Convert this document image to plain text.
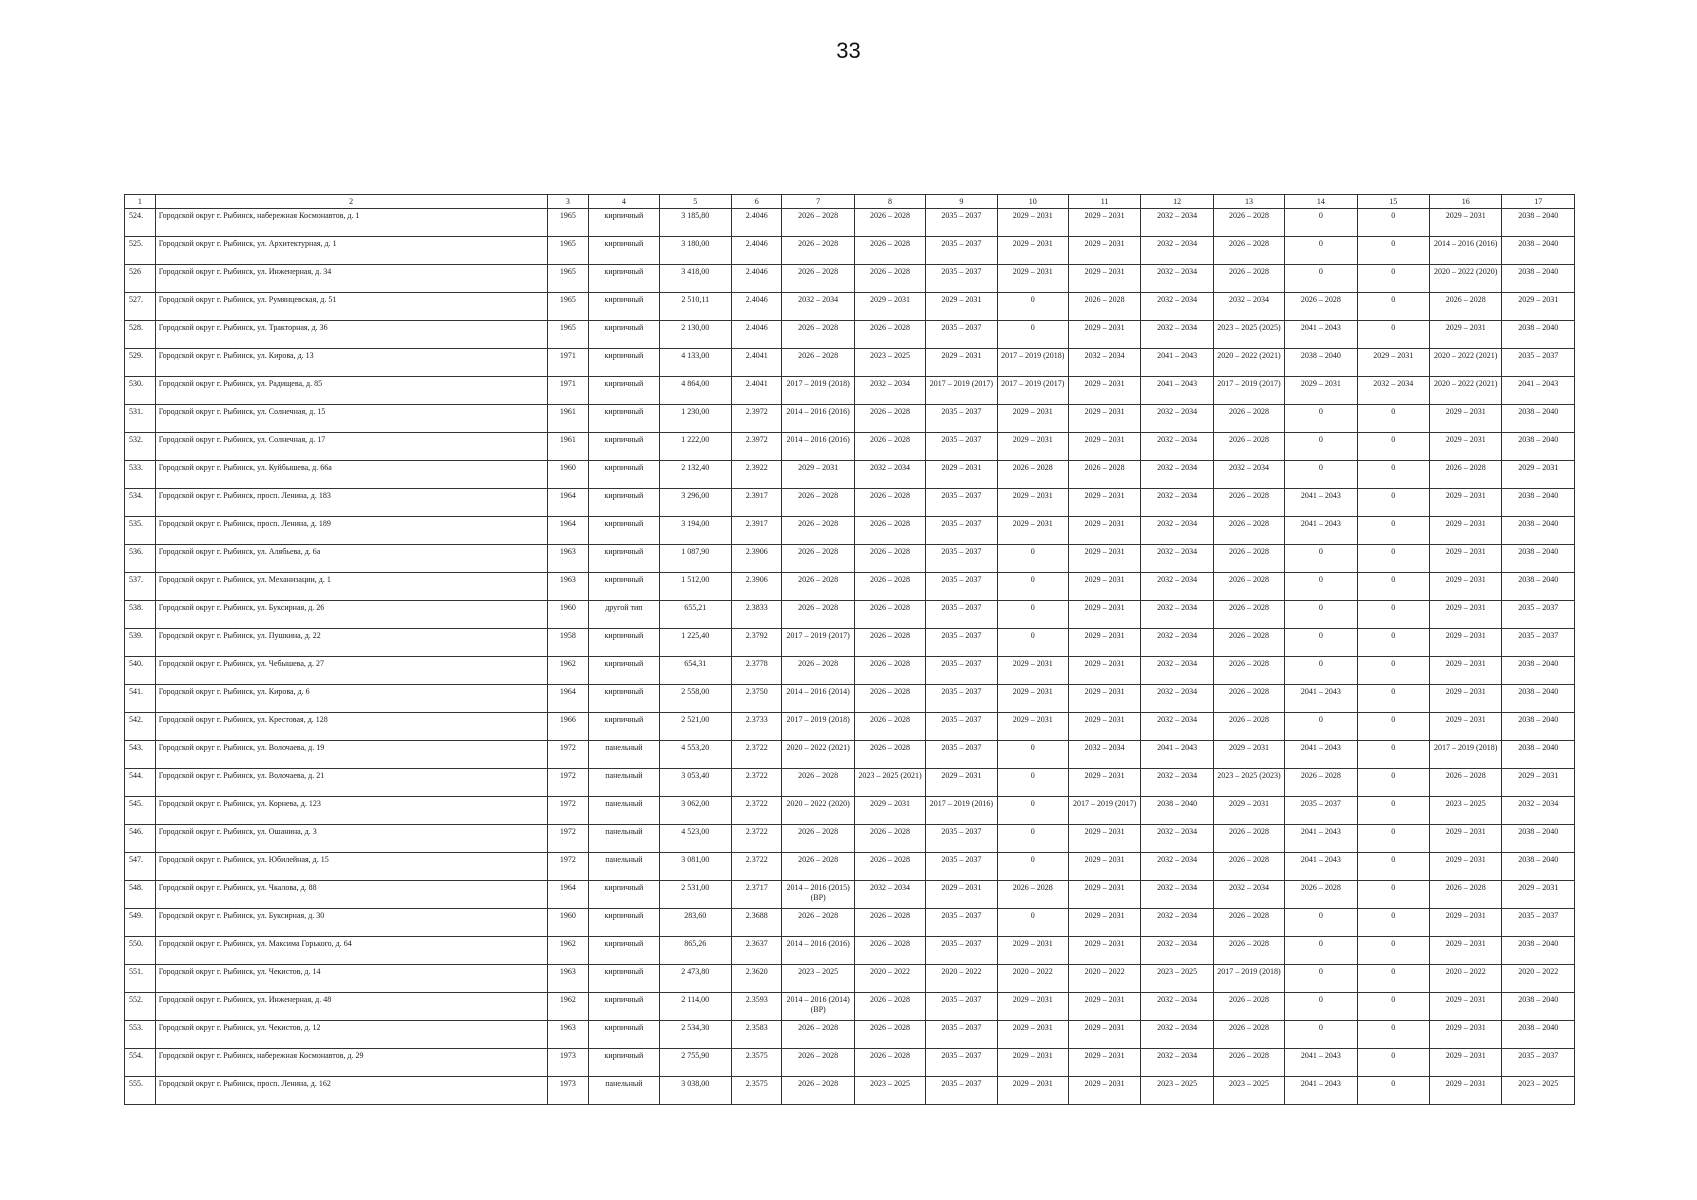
33
1	2	3	4	5	6	7	8	9	10	11	12	13	14	15	16	17
524.	Городской округ г. Рыбинск, набережная Космонавтов, д. 1	1965	кирпичный	3 185,80	2.4046	2026 – 2028	2026 – 2028	2035 – 2037	2029 – 2031	2029 – 2031	2032 – 2034	2026 – 2028	0	0	2029 – 2031	2038 – 2040
525.	Городской округ г. Рыбинск, ул. Архитектурная, д. 1	1965	кирпичный	3 180,00	2.4046	2026 – 2028	2026 – 2028	2035 – 2037	2029 – 2031	2029 – 2031	2032 – 2034	2026 – 2028	0	0	2014 – 2016 (2016)	2038 – 2040
526	Городской округ г. Рыбинск, ул. Инженерная, д. 34	1965	кирпичный	3 418,00	2.4046	2026 – 2028	2026 – 2028	2035 – 2037	2029 – 2031	2029 – 2031	2032 – 2034	2026 – 2028	0	0	2020 – 2022 (2020)	2038 – 2040
527.	Городской округ г. Рыбинск, ул. Румянцевская, д. 51	1965	кирпичный	2 510,11	2.4046	2032 – 2034	2029 – 2031	2029 – 2031	0	2026 – 2028	2032 – 2034	2032 – 2034	2026 – 2028	0	2026 – 2028	2029 – 2031
528.	Городской округ г. Рыбинск, ул. Тракторная, д. 36	1965	кирпичный	2 130,00	2.4046	2026 – 2028	2026 – 2028	2035 – 2037	0	2029 – 2031	2032 – 2034	2023 – 2025 (2025)	2041 – 2043	0	2029 – 2031	2038 – 2040
529.	Городской округ г. Рыбинск, ул. Кирова, д. 13	1971	кирпичный	4 133,00	2.4041	2026 – 2028	2023 – 2025	2029 – 2031	2017 – 2019 (2018)	2032 – 2034	2041 – 2043	2020 – 2022 (2021)	2038 – 2040	2029 – 2031	2020 – 2022 (2021)	2035 – 2037
530.	Городской округ г. Рыбинск, ул. Радищева, д. 85	1971	кирпичный	4 864,00	2.4041	2017 – 2019 (2018)	2032 – 2034	2017 – 2019 (2017)	2017 – 2019 (2017)	2029 – 2031	2041 – 2043	2017 – 2019 (2017)	2029 – 2031	2032 – 2034	2020 – 2022 (2021)	2041 – 2043
531.	Городской округ г. Рыбинск, ул. Солнечная, д. 15	1961	кирпичный	1 230,00	2.3972	2014 – 2016 (2016)	2026 – 2028	2035 – 2037	2029 – 2031	2029 – 2031	2032 – 2034	2026 – 2028	0	0	2029 – 2031	2038 – 2040
532.	Городской округ г. Рыбинск, ул. Солнечная, д. 17	1961	кирпичный	1 222,00	2.3972	2014 – 2016 (2016)	2026 – 2028	2035 – 2037	2029 – 2031	2029 – 2031	2032 – 2034	2026 – 2028	0	0	2029 – 2031	2038 – 2040
533.	Городской округ г. Рыбинск, ул. Куйбышева, д. 66а	1960	кирпичный	2 132,40	2.3922	2029 – 2031	2032 – 2034	2029 – 2031	2026 – 2028	2026 – 2028	2032 – 2034	2032 – 2034	0	0	2026 – 2028	2029 – 2031
534.	Городской округ г. Рыбинск, просп. Ленина, д. 183	1964	кирпичный	3 296,00	2.3917	2026 – 2028	2026 – 2028	2035 – 2037	2029 – 2031	2029 – 2031	2032 – 2034	2026 – 2028	2041 – 2043	0	2029 – 2031	2038 – 2040
535.	Городской округ г. Рыбинск, просп. Ленина, д. 189	1964	кирпичный	3 194,00	2.3917	2026 – 2028	2026 – 2028	2035 – 2037	2029 – 2031	2029 – 2031	2032 – 2034	2026 – 2028	2041 – 2043	0	2029 – 2031	2038 – 2040
536.	Городской округ г. Рыбинск, ул. Алябьева, д. 6а	1963	кирпичный	1 087,90	2.3906	2026 – 2028	2026 – 2028	2035 – 2037	0	2029 – 2031	2032 – 2034	2026 – 2028	0	0	2029 – 2031	2038 – 2040
537.	Городской округ г. Рыбинск, ул. Механизации, д. 1	1963	кирпичный	1 512,00	2.3906	2026 – 2028	2026 – 2028	2035 – 2037	0	2029 – 2031	2032 – 2034	2026 – 2028	0	0	2029 – 2031	2038 – 2040
538.	Городской округ г. Рыбинск, ул. Буксирная, д. 26	1960	другой тип	655,21	2.3833	2026 – 2028	2026 – 2028	2035 – 2037	0	2029 – 2031	2032 – 2034	2026 – 2028	0	0	2029 – 2031	2035 – 2037
539.	Городской округ г. Рыбинск, ул. Пушкина, д. 22	1958	кирпичный	1 225,40	2.3792	2017 – 2019 (2017)	2026 – 2028	2035 – 2037	0	2029 – 2031	2032 – 2034	2026 – 2028	0	0	2029 – 2031	2035 – 2037
540.	Городской округ г. Рыбинск, ул. Чебышева, д. 27	1962	кирпичный	654,31	2.3778	2026 – 2028	2026 – 2028	2035 – 2037	2029 – 2031	2029 – 2031	2032 – 2034	2026 – 2028	0	0	2029 – 2031	2038 – 2040
541.	Городской округ г. Рыбинск, ул. Кирова, д. 6	1964	кирпичный	2 558,00	2.3750	2014 – 2016 (2014)	2026 – 2028	2035 – 2037	2029 – 2031	2029 – 2031	2032 – 2034	2026 – 2028	2041 – 2043	0	2029 – 2031	2038 – 2040
542.	Городской округ г. Рыбинск, ул. Крестовая, д. 128	1966	кирпичный	2 521,00	2.3733	2017 – 2019 (2018)	2026 – 2028	2035 – 2037	2029 – 2031	2029 – 2031	2032 – 2034	2026 – 2028	0	0	2029 – 2031	2038 – 2040
543.	Городской округ г. Рыбинск, ул. Волочаева, д. 19	1972	панельный	4 553,20	2.3722	2020 – 2022 (2021)	2026 – 2028	2035 – 2037	0	2032 – 2034	2041 – 2043	2029 – 2031	2041 – 2043	0	2017 – 2019 (2018)	2038 – 2040
544.	Городской округ г. Рыбинск, ул. Волочаева, д. 21	1972	панельный	3 053,40	2.3722	2026 – 2028	2023 – 2025 (2021)	2029 – 2031	0	2029 – 2031	2032 – 2034	2023 – 2025 (2023)	2026 – 2028	0	2026 – 2028	2029 – 2031
545.	Городской округ г. Рыбинск, ул. Корнева, д. 123	1972	панельный	3 062,00	2.3722	2020 – 2022 (2020)	2029 – 2031	2017 – 2019 (2016)	0	2017 – 2019 (2017)	2038 – 2040	2029 – 2031	2035 – 2037	0	2023 – 2025	2032 – 2034
546.	Городской округ г. Рыбинск, ул. Ошанина, д. 3	1972	панельный	4 523,00	2.3722	2026 – 2028	2026 – 2028	2035 – 2037	0	2029 – 2031	2032 – 2034	2026 – 2028	2041 – 2043	0	2029 – 2031	2038 – 2040
547.	Городской округ г. Рыбинск, ул. Юбилейная, д. 15	1972	панельный	3 081,00	2.3722	2026 – 2028	2026 – 2028	2035 – 2037	0	2029 – 2031	2032 – 2034	2026 – 2028	2041 – 2043	0	2029 – 2031	2038 – 2040
548.	Городской округ г. Рыбинск, ул. Чкалова, д. 88	1964	кирпичный	2 531,00	2.3717	2014 – 2016 (2015) (ВР)	2032 – 2034	2029 – 2031	2026 – 2028	2029 – 2031	2032 – 2034	2032 – 2034	2026 – 2028	0	2026 – 2028	2029 – 2031
549.	Городской округ г. Рыбинск, ул. Буксирная, д. 30	1960	кирпичный	283,60	2.3688	2026 – 2028	2026 – 2028	2035 – 2037	0	2029 – 2031	2032 – 2034	2026 – 2028	0	0	2029 – 2031	2035 – 2037
550.	Городской округ г. Рыбинск, ул. Максима Горького, д. 64	1962	кирпичный	865,26	2.3637	2014 – 2016 (2016)	2026 – 2028	2035 – 2037	2029 – 2031	2029 – 2031	2032 – 2034	2026 – 2028	0	0	2029 – 2031	2038 – 2040
551.	Городской округ г. Рыбинск, ул. Чекистов, д. 14	1963	кирпичный	2 473,80	2.3620	2023 – 2025	2020 – 2022	2020 – 2022	2020 – 2022	2020 – 2022	2023 – 2025	2017 – 2019 (2018)	0	0	2020 – 2022	2020 – 2022
552.	Городской округ г. Рыбинск, ул. Инженерная, д. 48	1962	кирпичный	2 114,00	2.3593	2014 – 2016 (2014) (ВР)	2026 – 2028	2035 – 2037	2029 – 2031	2029 – 2031	2032 – 2034	2026 – 2028	0	0	2029 – 2031	2038 – 2040
553.	Городской округ г. Рыбинск, ул. Чекистов, д. 12	1963	кирпичный	2 534,30	2.3583	2026 – 2028	2026 – 2028	2035 – 2037	2029 – 2031	2029 – 2031	2032 – 2034	2026 – 2028	0	0	2029 – 2031	2038 – 2040
554.	Городской округ г. Рыбинск, набережная Космонавтов, д. 29	1973	кирпичный	2 755,90	2.3575	2026 – 2028	2026 – 2028	2035 – 2037	2029 – 2031	2029 – 2031	2032 – 2034	2026 – 2028	2041 – 2043	0	2029 – 2031	2035 – 2037
555.	Городской округ г. Рыбинск, просп. Ленина, д. 162	1973	панельный	3 038,00	2.3575	2026 – 2028	2023 – 2025	2035 – 2037	2029 – 2031	2029 – 2031	2023 – 2025	2023 – 2025	2041 – 2043	0	2029 – 2031	2023 – 2025
